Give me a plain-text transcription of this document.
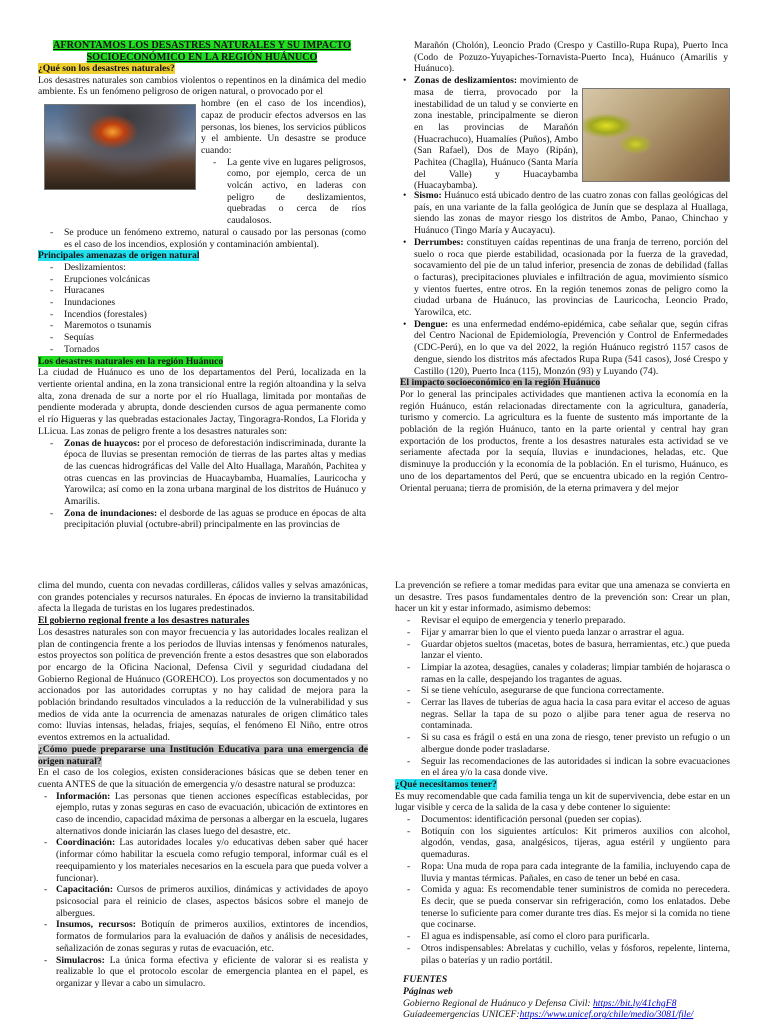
AFRONTAMOS LOS DESASTRES NATURALES Y SU IMPACTO
SOCIOECONÓMICO EN LA REGIÓN HUÁNUCO

¿Qué son los desastres naturales?

Los desastres naturales son cambios violentos o repentinos en la dinámica del medio ambiente. Es un fenómeno peligroso de origen natural, o provocado por el

hombre (en el caso de los incendios), capaz de producir efectos adversos en las personas, los bienes, los servicios públicos y el ambiente. Un desastre se produce cuando:

- La gente vive en lugares peligrosos, como, por ejemplo, cerca de un volcán activo, en laderas con peligro de deslizamientos, quebradas o cerca de ríos caudalosos.
- Se produce un fenómeno extremo, natural o causado por las personas (como es el caso de los incendios, explosión y contaminación ambiental).

Principales amenazas de origen natural

- Deslizamientos:
- Erupciones volcánicas
- Huracanes
- Inundaciones
- Incendios (forestales)
- Maremotos o tsunamis
- Sequías
- Tornados

Los desastres naturales en la región Huánuco

La ciudad de Huánuco es uno de los departamentos del Perú, localizada en la vertiente oriental andina, en la zona transicional entre la región altoandina y la selva alta, zona drenada de sur a norte por el río Huallaga, limitada por montañas de pendiente moderada y abrupta, donde descienden cursos de agua permanente como el río Higueras y las quebradas estacionales Jactay, Tingoragra-Rondos, La Florida y LLicua. Las zonas de peligro frente a los desastres naturales son:

- Zonas de huaycos: por el proceso de deforestación indiscriminada, durante la época de lluvias se presentan remoción de tierras de las partes altas y medias de las cuencas hidrográficas del Valle del Alto Huallaga, Marañón, Pachitea y otras cuencas en las provincias de Huacaybamba, Huamalíes, Lauricocha y Yarowilca; así como en la zona urbana marginal de los distritos de Huánuco y Amarilis.
- Zona de inundaciones: el desborde de las aguas se produce en épocas de alta precipitación pluvial (octubre-abril) principalmente en las provincias de

Marañón (Cholón), Leoncio Prado (Crespo y Castillo-Rupa Rupa), Puerto Inca (Codo de Pozuzo-Yuyapiches-Tornavista-Puerto Inca), Huánuco (Amarilis y Huánuco).

• Zonas de deslizamientos: movimiento de masa de tierra, provocado por la inestabilidad de un talud y se convierte en zona inestable, principalmente se dieron en las provincias de Marañón (Huacrachuco), Huamalíes (Puños), Ambo (San Rafael), Dos de Mayo (Ripán), Pachitea (Chaglla), Huánuco (Santa María del Valle) y Huacaybamba (Huacaybamba).
• Sismo: Huánuco está ubicado dentro de las cuatro zonas con fallas geológicas del país, en una variante de la falla geológica de Junín que se desplaza al Huallaga, siendo las zonas de mayor riesgo los distritos de Ambo, Panao, Chinchao y Huánuco (Tingo María y Aucayacu).
• Derrumbes: constituyen caídas repentinas de una franja de terreno, porción del suelo o roca que pierde estabilidad, ocasionada por la fuerza de la gravedad, socavamiento del pie de un talud inferior, presencia de zonas de debilidad (fallas o facturas), precipitaciones pluviales e infiltración de agua, movimiento sísmico y vientos fuertes, entre otros. En la región tenemos zonas de peligro como la ciudad urbana de Huánuco, las provincias de Lauricocha, Leoncio Prado, Yarowilca, etc.
• Dengue: es una enfermedad endémo-epidémica, cabe señalar que, según cifras del Centro Nacional de Epidemiología, Prevención y Control de Enfermedades (CDC-Perú), en lo que va del 2022, la región Huánuco registró 1157 casos de dengue, siendo los distritos más afectados Rupa Rupa (541 casos), José Crespo y Castillo (120), Puerto Inca (115), Monzón (93) y Luyando (74).

El impacto socioeconómico en la región Huánuco

Por lo general las principales actividades que mantienen activa la economía en la región Huánuco, están relacionadas directamente con la agricultura, ganadería, turismo y comercio. La agricultura es la fuente de sustento más importante de la población de la región Huánuco, tanto en la parte oriental y central hay gran exportación de los productos, frente a los desastres naturales esta actividad se ve seriamente afectada por la sequía, lluvias e inundaciones, heladas, etc. Que disminuye la producción y la economía de la población. En el turismo, Huánuco, es uno de los departamentos del Perú, que se encuentra ubicado en la región Centro-Oriental peruana; tierra de promisión, de la eterna primavera y del mejor

clima del mundo, cuenta con nevadas cordilleras, cálidos valles y selvas amazónicas, con grandes potenciales y recursos naturales. En épocas de invierno la transitabilidad afecta la llegada de turistas en los lugares predestinados.

El gobierno regional frente a los desastres naturales

Los desastres naturales son con mayor frecuencia y las autoridades locales realizan el plan de contingencia frente a los periodos de lluvias intensas y fenómenos naturales, estos proyectos son política de prevención frente a estos desastres que son elaborados por encargo de la Oficina Nacional, Defensa Civil y seguridad ciudadana del Gobierno Regional de Huánuco (GOREHCO). Los proyectos son documentados y no accionados por las autoridades corruptas y no hay calidad de mejora para la población brindando resultados vinculados a la reducción de la vulnerabilidad y sus medios de vida ante la ocurrencia de amenazas naturales de origen climático tales como: lluvias intensas, heladas, friajes, sequías, el fenómeno El Niño, entre otros eventos extremos en la actualidad.

¿Cómo puede prepararse una Institución Educativa para una emergencia de origen natural?

En el caso de los colegios, existen consideraciones básicas que se deben tener en cuenta ANTES de que la situación de emergencia y/o desastre natural se produzca:

- Información: Las personas que tienen acciones específicas establecidas, por ejemplo, rutas y zonas seguras en caso de evacuación, ubicación de extintores en caso de incendio, capacidad máxima de personas a albergar en la escuela, lugares alternativos donde iniciarán las clases luego del desastre, etc.
- Coordinación: Las autoridades locales y/o educativas deben saber qué hacer (informar cómo habilitar la escuela como refugio temporal, informar cuál es el reequipamiento y los materiales necesarios en la escuela para que pueda volver a funcionar).
- Capacitación: Cursos de primeros auxilios, dinámicas y actividades de apoyo psicosocial para el reinicio de clases, aspectos básicos sobre el manejo de albergues.
- Insumos, recursos: Botiquín de primeros auxilios, extintores de incendios, formatos de formularios para la evaluación de daños y análisis de necesidades, señalización de zonas seguras y rutas de evacuación, etc.
- Simulacros: La única forma efectiva y eficiente de valorar si es realista y realizable lo que el protocolo escolar de emergencia plantea en el papel, es organizar y llevar a cabo un simulacro.

La prevención se refiere a tomar medidas para evitar que una amenaza se convierta en un desastre. Tres pasos fundamentales dentro de la prevención son: Crear un plan, hacer un kit y estar informado, asimismo debemos:

- Revisar el equipo de emergencia y tenerlo preparado.
- Fijar y amarrar bien lo que el viento pueda lanzar o arrastrar el agua.
- Guardar objetos sueltos (macetas, botes de basura, herramientas, etc.) que pueda lanzar el viento.
- Limpiar la azotea, desagües, canales y coladeras; limpiar también de hojarasca o ramas en la calle, despejando los tragantes de aguas.
- Si se tiene vehículo, asegurarse de que funciona correctamente.
- Cerrar las llaves de tuberías de agua hacia la casa para evitar el acceso de aguas negras. Sellar la tapa de su pozo o aljibe para tener agua de reserva no contaminada.
- Si su casa es frágil o está en una zona de riesgo, tener previsto un refugio o un albergue donde poder trasladarse.
- Seguir las recomendaciones de las autoridades si indican la sobre evacuaciones en el área y/o la casa donde vive.

¿Qué necesitamos tener?

Es muy recomendable que cada familia tenga un kit de supervivencia, debe estar en un lugar visible y cerca de la salida de la casa y debe contener lo siguiente:

- Documentos: identificación personal (pueden ser copias).
- Botiquín con los siguientes artículos: Kit primeros auxilios con alcohol, algodón, vendas, gasa, analgésicos, tijeras, agua estéril y ungüento para quemaduras.
- Ropa: Una muda de ropa para cada integrante de la familia, incluyendo capa de lluvia y mantas térmicas. Pañales, en caso de tener un bebé en casa.
- Comida y agua: Es recomendable tener suministros de comida no perecedera. Es decir, que se pueda conservar sin refrigeración, como los enlatados. Debe tenerse lo suficiente para comer durante tres días. Es mejor si la comida no tiene que cocinarse.
- El agua es indispensable, así como el cloro para purificarla.
- Otros indispensables: Abrelatas y cuchillo, velas y fósforos, repelente, linterna, pilas o baterías y un radio portátil.

FUENTES

Páginas web

Gobierno Regional de Huánuco y Defensa Civil: https://bit.ly/41chgF8

Guíadeemergencias UNICEF:https://www.unicef.org/chile/medio/3081/file/
